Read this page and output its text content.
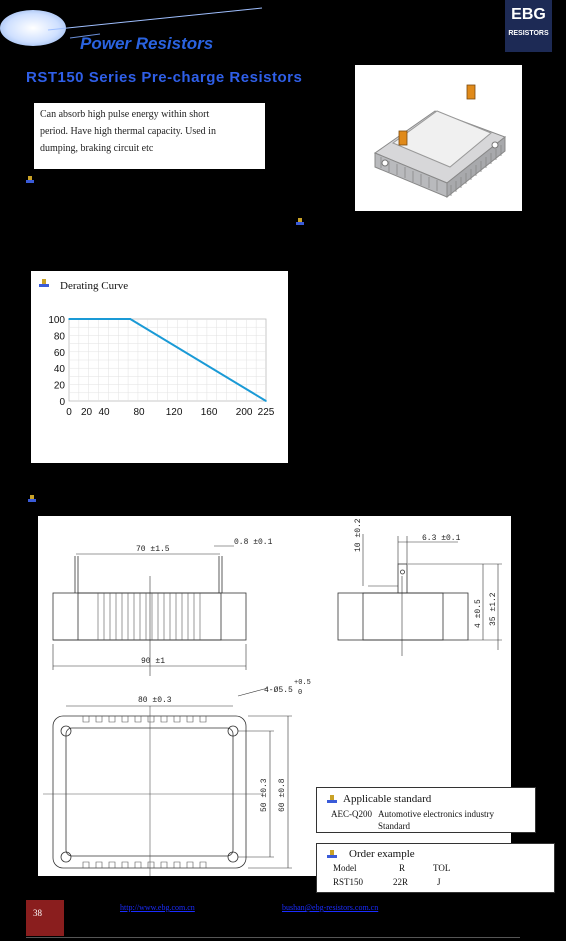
EBG
RESISTORS
Power Resistors
RST150 Series Pre-charge Resistors

Can absorb high pulse energy within short

period. Have high thermal capacity. Used in

dumping, braking circuit etc

100
80
60
40
20
0
0 20 40 80 120 160 200 225
Derating Curve
70 ±1.5
0.8 ±0.1
90 ±1
80 ±0.3
4-Ø5.5
+0.5
0
50 ±0.3 60 ±0.8
10 ±0.2	6.3 ±0.1
35 ±1.2
4 ±0.5
Applicable standard
AEC-Q200 Automotive electronics industry
Standard
Order example
Model	R	TOL
RST150	22R	J
38
http://www.ebg.com.cn	bushan@ebg-resistors.com.cn
